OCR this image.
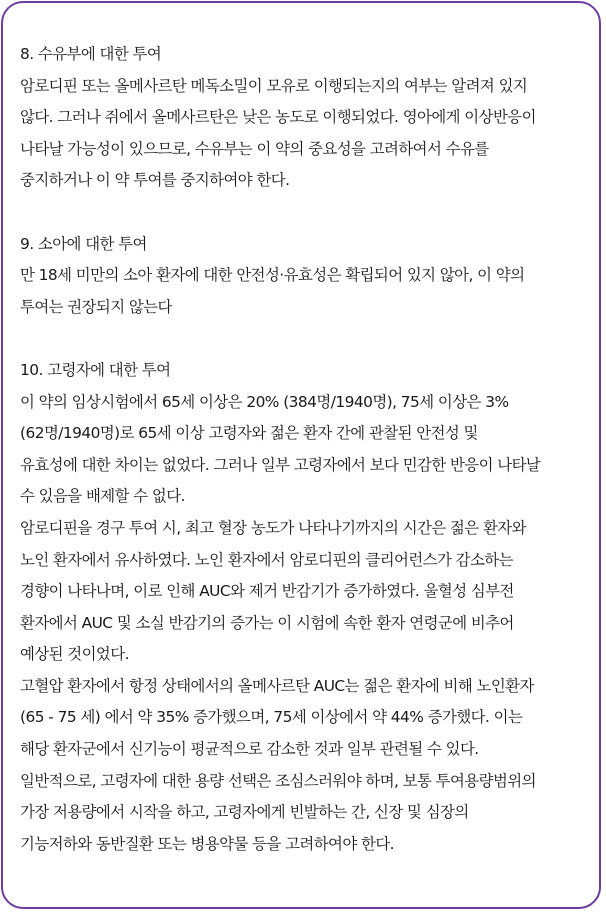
8. 수유부에 대한 투여
암로디핀 또는 올메사르탄 메독소밀이 모유로 이행되는지의 여부는 알려져 있지
않다. 그러나 쥐에서 올메사르탄은 낮은 농도로 이행되었다. 영아에게 이상반응이
나타날 가능성이 있으므로, 수유부는 이 약의 중요성을 고려하여서 수유를
중지하거나 이 약 투여를 중지하여야 한다.
9. 소아에 대한 투여
만 18세 미만의 소아 환자에 대한 안전성·유효성은 확립되어 있지 않아, 이 약의
투여는 권장되지 않는다
10. 고령자에 대한 투여
이 약의 임상시험에서 65세 이상은 20% (384명/1940명), 75세 이상은 3%
(62명/1940명)로 65세 이상 고령자와 젊은 환자 간에 관찰된 안전성 및
유효성에 대한 차이는 없었다. 그러나 일부 고령자에서 보다 민감한 반응이 나타날
수 있음을 배제할 수 없다.
암로디핀을 경구 투여 시, 최고 혈장 농도가 나타나기까지의 시간은 젊은 환자와
노인 환자에서 유사하였다. 노인 환자에서 암로디핀의 클리어런스가 감소하는
경향이 나타나며, 이로 인해 AUC와 제거 반감기가 증가하였다. 울혈성 심부전
환자에서 AUC 및 소실 반감기의 증가는 이 시험에 속한 환자 연령군에 비추어
예상된 것이었다.
고혈압 환자에서 항정 상태에서의 올메사르탄 AUC는 젊은 환자에 비해 노인환자
(65 - 75 세) 에서 약 35% 증가했으며, 75세 이상에서 약 44% 증가했다. 이는
해당 환자군에서 신기능이 평균적으로 감소한 것과 일부 관련될 수 있다.
일반적으로, 고령자에 대한 용량 선택은 조심스러워야 하며, 보통 투여용량범위의
가장 저용량에서 시작을 하고, 고령자에게 빈발하는 간, 신장 및 심장의
기능저하와 동반질환 또는 병용약물 등을 고려하여야 한다.
